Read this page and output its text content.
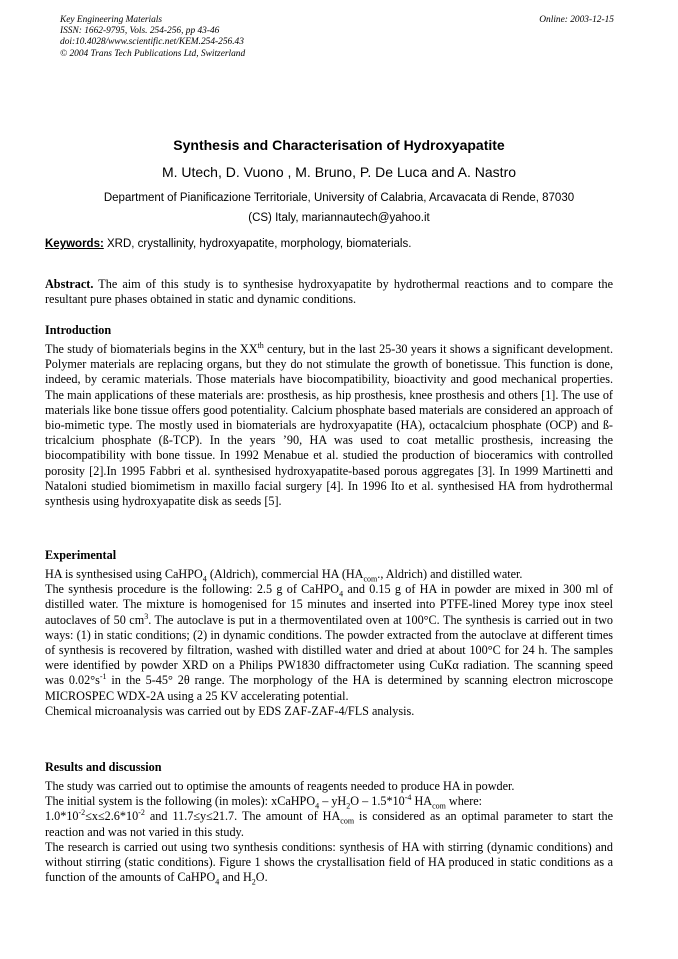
Key Engineering Materials
ISSN: 1662-9795, Vols. 254-256, pp 43-46
doi:10.4028/www.scientific.net/KEM.254-256.43
© 2004 Trans Tech Publications Ltd, Switzerland
Online: 2003-12-15
Synthesis and Characterisation of Hydroxyapatite
M. Utech, D. Vuono , M. Bruno, P. De Luca and A. Nastro
Department of Pianificazione Territoriale, University of Calabria, Arcavacata di Rende, 87030
(CS) Italy, mariannautech@yahoo.it
Keywords: XRD, crystallinity, hydroxyapatite, morphology, biomaterials.

Abstract. The aim of this study is to synthesise hydroxyapatite by hydrothermal reactions and to compare the resultant pure phases obtained in static and dynamic conditions.

Introduction

The study of biomaterials begins in the XXth century, but in the last 25-30 years it shows a significant development. Polymer materials are replacing organs, but they do not stimulate the growth of bonetissue. This function is done, indeed, by ceramic materials. Those materials have biocompatibility, bioactivity and good mechanical properties. The main applications of these materials are: prosthesis, as hip prosthesis, knee prosthesis and others [1]. The use of materials like bone tissue offers good potentiality. Calcium phosphate based materials are considered an approach of bio-mimetic type. The mostly used in biomaterials are hydroxyapatite (HA), octacalcium phosphate (OCP) and ß-tricalcium phosphate (ß-TCP). In the years ’90, HA was used to coat metallic prosthesis, increasing the biocompatibility with bone tissue. In 1992 Menabue et al. studied the production of bioceramics with controlled porosity [2].In 1995 Fabbri et al. synthesised hydroxyapatite-based porous aggregates [3]. In 1999 Martinetti and Nataloni studied biomimetism in maxillo facial surgery [4]. In 1996 Ito et al. synthesised HA from hydrothermal synthesis using hydroxyapatite disk as seeds [5].

Experimental

HA is synthesised using CaHPO$_4$ (Aldrich), commercial HA ($HA_{com}$., Aldrich) and distilled water.

The synthesis procedure is the following: 2.5 g of CaHPO$_4$ and 0.15 g of HA in powder are mixed in 300 ml of distilled water. The mixture is homogenised for 15 minutes and inserted into PTFE-lined Morey type inox steel autoclaves of 50 $cm^3$. The autoclave is put in a thermoventilated oven at 100°C. The synthesis is carried out in two ways: (1) in static conditions; (2) in dynamic conditions. The powder extracted from the autoclave at different times of synthesis is recovered by filtration, washed with distilled water and dried at about 100°C for 24 h. The samples were identified by powder XRD on a Philips PW1830 diffractometer using CuKα radiation. The scanning speed was $0.02^\circ s^{-1}$ in the 5-45° 2θ range. The morphology of the HA is determined by scanning electron microscope MICROSPEC WDX-2A using a 25 KV accelerating potential.

Chemical microanalysis was carried out by EDS ZAF-ZAF-4/FLS analysis.

Results and discussion

The study was carried out to optimise the amounts of reagents needed to produce HA in powder.

The initial system is the following (in moles): xCaHPO$_4$ – $yH_2O - 1.5*10^{-4}$ $HA_{com}$ where:

$1.0*10^{-2}\le x\le 2.6*10^{-2}$ and 11.7≤y≤21.7. The amount of $HA_{com}$ is considered as an optimal parameter to start the reaction and was not varied in this study.

The research is carried out using two synthesis conditions: synthesis of HA with stirring (dynamic conditions) and without stirring (static conditions). Figure 1 shows the crystallisation field of HA produced in static conditions as a function of the amounts of CaHPO$_4$ and $H_2O$.
